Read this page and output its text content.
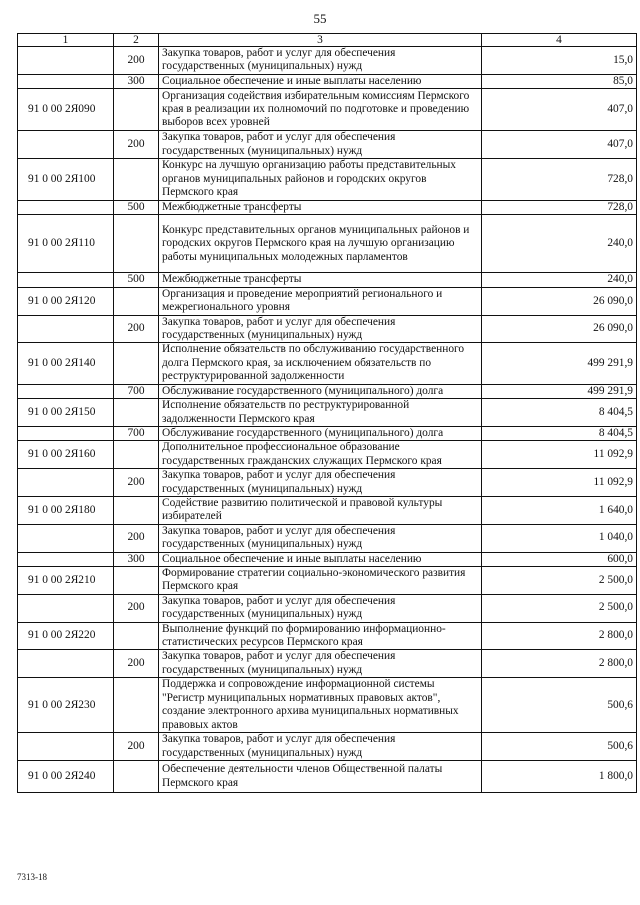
55
1	2	3	4
	200	Закупка товаров, работ и услуг для обеспечения государственных (муниципальных) нужд	15,0
	300	Социальное обеспечение и иные выплаты населению	85,0
91 0 00 2Я090		Организация содействия избирательным комиссиям Пермского края в реализации их полномочий по подготовке и проведению выборов всех уровней	407,0
	200	Закупка товаров, работ и услуг для обеспечения государственных (муниципальных) нужд	407,0
91 0 00 2Я100		Конкурс на лучшую организацию работы представительных органов муниципальных районов и городских округов Пермского края	728,0
	500	Межбюджетные трансферты	728,0
91 0 00 2Я110		Конкурс представительных органов муниципальных районов и городских округов Пермского края на лучшую организацию работы муниципальных молодежных парламентов	240,0
	500	Межбюджетные трансферты	240,0
91 0 00 2Я120		Организация и проведение мероприятий регионального и межрегионального уровня	26 090,0
	200	Закупка товаров, работ и услуг для обеспечения государственных (муниципальных) нужд	26 090,0
91 0 00 2Я140		Исполнение обязательств по обслуживанию государственного долга Пермского края, за исключением обязательств по реструктурированной задолженности	499 291,9
	700	Обслуживание государственного (муниципального) долга	499 291,9
91 0 00 2Я150		Исполнение обязательств по реструктурированной задолженности Пермского края	8 404,5
	700	Обслуживание государственного (муниципального) долга	8 404,5
91 0 00 2Я160		Дополнительное профессиональное образование государственных гражданских служащих Пермского края	11 092,9
	200	Закупка товаров, работ и услуг для обеспечения государственных (муниципальных) нужд	11 092,9
91 0 00 2Я180		Содействие развитию политической и правовой культуры избирателей	1 640,0
	200	Закупка товаров, работ и услуг для обеспечения государственных (муниципальных) нужд	1 040,0
	300	Социальное обеспечение и иные выплаты населению	600,0
91 0 00 2Я210		Формирование стратегии социально-экономического развития Пермского края	2 500,0
	200	Закупка товаров, работ и услуг для обеспечения государственных (муниципальных) нужд	2 500,0
91 0 00 2Я220		Выполнение функций по формированию информационно-статистических ресурсов Пермского края	2 800,0
	200	Закупка товаров, работ и услуг для обеспечения государственных (муниципальных) нужд	2 800,0
91 0 00 2Я230		Поддержка и сопровождение информационной системы "Регистр муниципальных нормативных правовых актов", создание электронного архива муниципальных нормативных правовых актов	500,6
	200	Закупка товаров, работ и услуг для обеспечения государственных (муниципальных) нужд	500,6
91 0 00 2Я240		Обеспечение деятельности членов Общественной палаты Пермского края	1 800,0
7313-18
